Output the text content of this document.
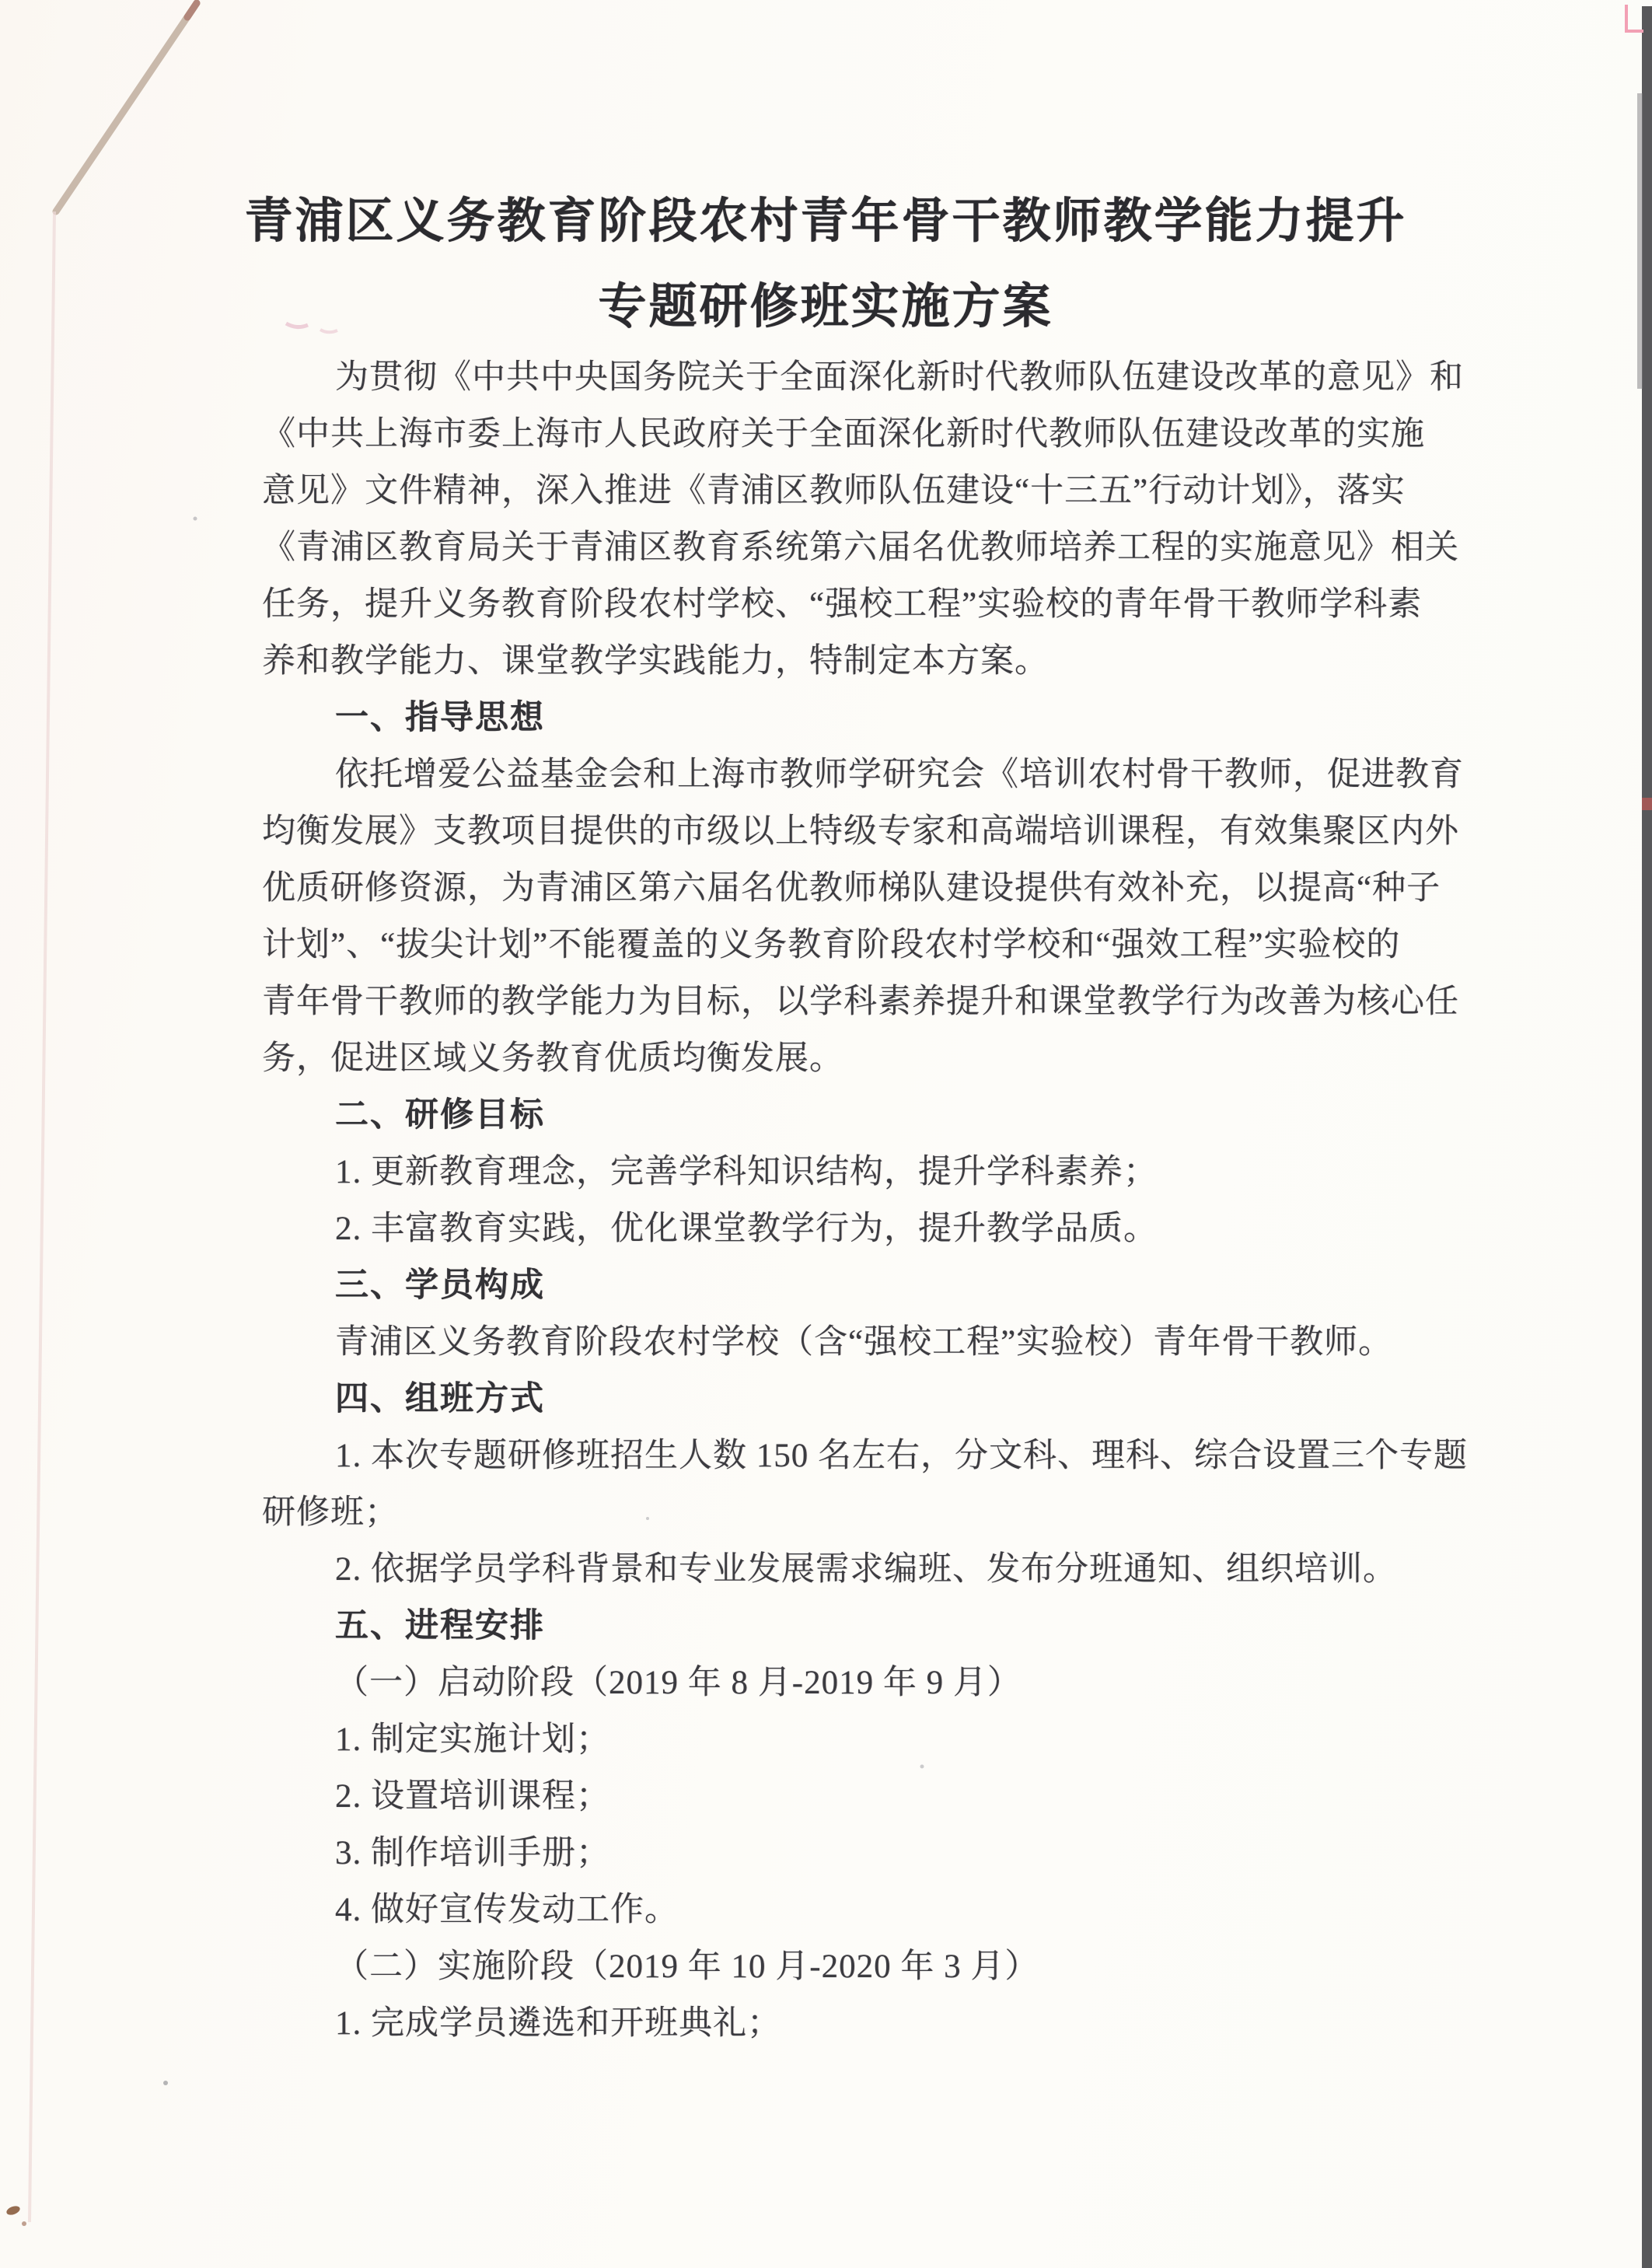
青浦区义务教育阶段农村青年骨干教师教学能力提升
专题研修班实施方案
为贯彻《中共中央国务院关于全面深化新时代教师队伍建设改革的意见》和
《中共上海市委上海市人民政府关于全面深化新时代教师队伍建设改革的实施
意见》文件精神，深入推进《青浦区教师队伍建设“十三五”行动计划》，落实
《青浦区教育局关于青浦区教育系统第六届名优教师培养工程的实施意见》相关
任务，提升义务教育阶段农村学校、“强校工程”实验校的青年骨干教师学科素
养和教学能力、课堂教学实践能力，特制定本方案。
一、指导思想
依托增爱公益基金会和上海市教师学研究会《培训农村骨干教师，促进教育
均衡发展》支教项目提供的市级以上特级专家和高端培训课程，有效集聚区内外
优质研修资源，为青浦区第六届名优教师梯队建设提供有效补充，以提高“种子
计划”、“拔尖计划”不能覆盖的义务教育阶段农村学校和“强效工程”实验校的
青年骨干教师的教学能力为目标，以学科素养提升和课堂教学行为改善为核心任
务，促进区域义务教育优质均衡发展。
二、研修目标
1. 更新教育理念，完善学科知识结构，提升学科素养；
2. 丰富教育实践，优化课堂教学行为，提升教学品质。
三、学员构成
青浦区义务教育阶段农村学校（含“强校工程”实验校）青年骨干教师。
四、组班方式
1. 本次专题研修班招生人数 150 名左右，分文科、理科、综合设置三个专题
研修班；
2. 依据学员学科背景和专业发展需求编班、发布分班通知、组织培训。
五、进程安排
（一）启动阶段（2019 年 8 月-2019 年 9 月）
1. 制定实施计划；
2. 设置培训课程；
3. 制作培训手册；
4. 做好宣传发动工作。
（二）实施阶段（2019 年 10 月-2020 年 3 月）
1. 完成学员遴选和开班典礼；
